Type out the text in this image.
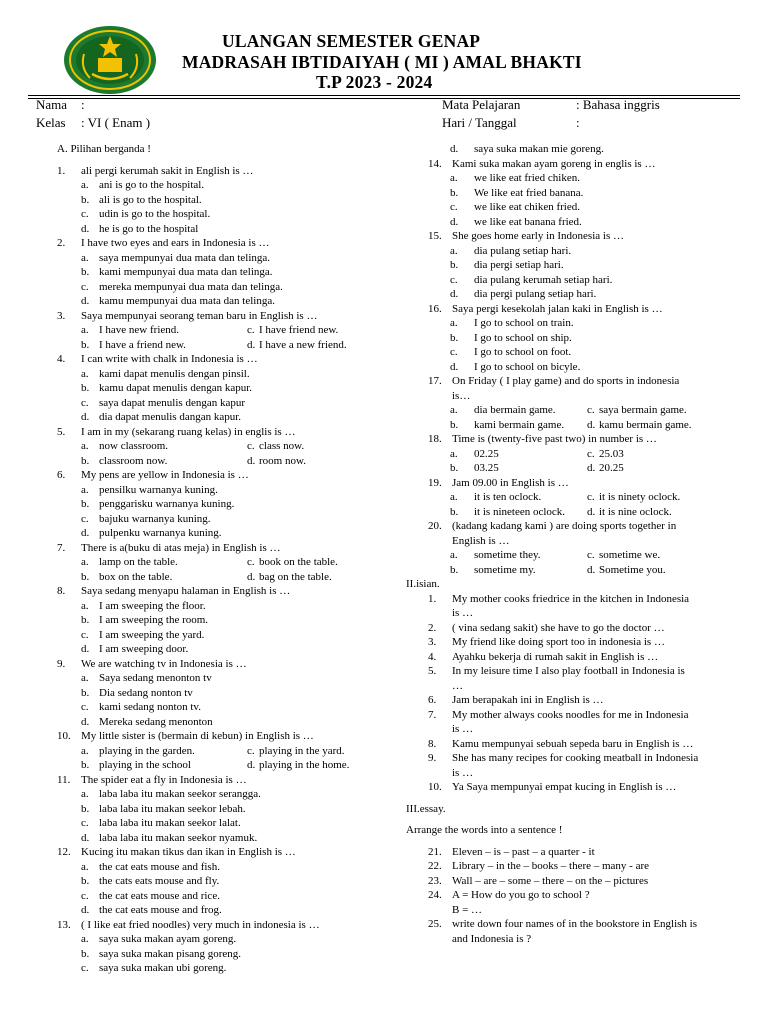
ULANGAN SEMESTER GENAP
MADRASAH IBTIDAIYAH ( MI ) AMAL BHAKTI
T.P 2023 - 2024
Nama :
Kelas : VI ( Enam )
Mata Pelajaran	: Bahasa inggris
Hari / Tanggal	:
A. Pilihan berganda !
1. ali pergi kerumah sakit in English is …
a. ani is go to the hospital.
b. ali is go to the hospital.
c. udin is go to the hospital.
d. he is go to the hospital
2. I have two eyes and ears in Indonesia is …
a. saya mempunyai dua mata dan telinga.
b. kami mempunyai dua mata dan telinga.
c. mereka mempunyai dua mata dan telinga.
d. kamu mempunyai dua mata dan telinga.
3. Saya mempunyai seorang teman baru in English is …
a. I have new friend.	c. I have friend new.
b. I have a friend new.	d. I have a new friend.
4. I can write with chalk in Indonesia is …
a. kami dapat menulis dengan pinsil.
b. kamu dapat menulis dengan kapur.
c. saya dapat menulis dengan kapur
d. dia dapat menulis dangan kapur.
5. I am in my (sekarang ruang kelas) in englis is …
a. now classroom.	c. class now.
b. classroom now.	d. room now.
6. My pens are yellow in Indonesia is …
a. pensilku warnanya kuning.
b. penggarisku warnanya kuning.
c. bajuku warnanya kuning.
d. pulpenku warnanya kuning.
7. There is a(buku di atas meja) in English is …
a. lamp on the table.	c. book on the table.
b. box on the table.	d. bag on the table.
8. Saya sedang menyapu halaman in English is …
a. I am sweeping the floor.
b. I am sweeping the room.
c. I am sweeping the yard.
d. I am sweeping door.
9. We are watching tv in Indonesia is …
a. Saya sedang menonton tv
b. Dia sedang nonton tv
c. kami sedang nonton tv.
d. Mereka sedang menonton
10. My little sister is (bermain di kebun) in English is …
a. playing in the garden.	c. playing in the yard.
b. playing in the school	d. playing in the home.
11. The spider eat a fly in Indonesia is …
a. laba laba itu makan seekor serangga.
b. laba laba itu makan seekor lebah.
c. laba laba itu makan seekor lalat.
d. laba laba itu makan seekor nyamuk.
12. Kucing itu makan tikus dan ikan in English is …
a. the cat eats mouse and fish.
b. the cats eats mouse and fly.
c. the cat eats mouse and rice.
d. the cat eats mouse and frog.
13. ( I like eat fried noodles) very much in indonesia is …
a. saya suka makan ayam goreng.
b. saya suka makan pisang goreng.
c. saya suka makan ubi goreng.
d. saya suka makan mie goreng.
14. Kami suka makan ayam goreng in englis is …
a. we like eat fried chiken.
b. We like eat fried banana.
c. we like eat chiken fried.
d. we like eat banana fried.
15. She goes home early in Indonesia is …
a. dia pulang setiap hari.
b. dia pergi setiap hari.
c. dia pulang kerumah setiap hari.
d. dia pergi pulang setiap hari.
16. Saya pergi kesekolah jalan kaki in English is …
a. I go to school on train.
b. I go to school on ship.
c. I go to school on foot.
d. I go to school on bicyle.
17. On Friday ( I play game) and do sports in indonesia
is…
a. dia bermain game.	c. saya bermain game.
b. kami bermain game. d. kamu bermain game.
18. Time is (twenty-five past two) in number is …
a. 02.25	c. 25.03
b. 03.25	d. 20.25
19. Jam 09.00 in English is …
a. it is ten oclock.	c. it is ninety oclock.
b. it is nineteen oclock. d. it is nine oclock.
20. (kadang kadang kami ) are doing sports together in
English is …
a. sometime they.	c. sometime we.
b. sometime my.	d. Sometime you.
II.isian.
1. My mother cooks friedrice in the kitchen in Indonesia
is …
2. ( vina sedang sakit) she have to go the doctor …
3. My friend like doing sport too in indonesia is …
4. Ayahku bekerja di rumah sakit in English is …
5. In my leisure time I also play football in Indonesia is
…
6. Jam berapakah ini in English is …
7. My mother always cooks noodles for me in Indonesia
is …
8. Kamu mempunyai sebuah sepeda baru in English is …
9. She has many recipes for cooking meatball in Indonesia
is …
10. Ya Saya mempunyai empat kucing in English is …
III.essay.
Arrange the words into a sentence !
21. Eleven – is – past – a quarter - it
22. Library – in the – books – there – many - are
23. Wall – are – some – there – on the – pictures
24. A = How do you go to school ?
B = …
25. write down four names of in the bookstore in English is
and Indonesia is ?
